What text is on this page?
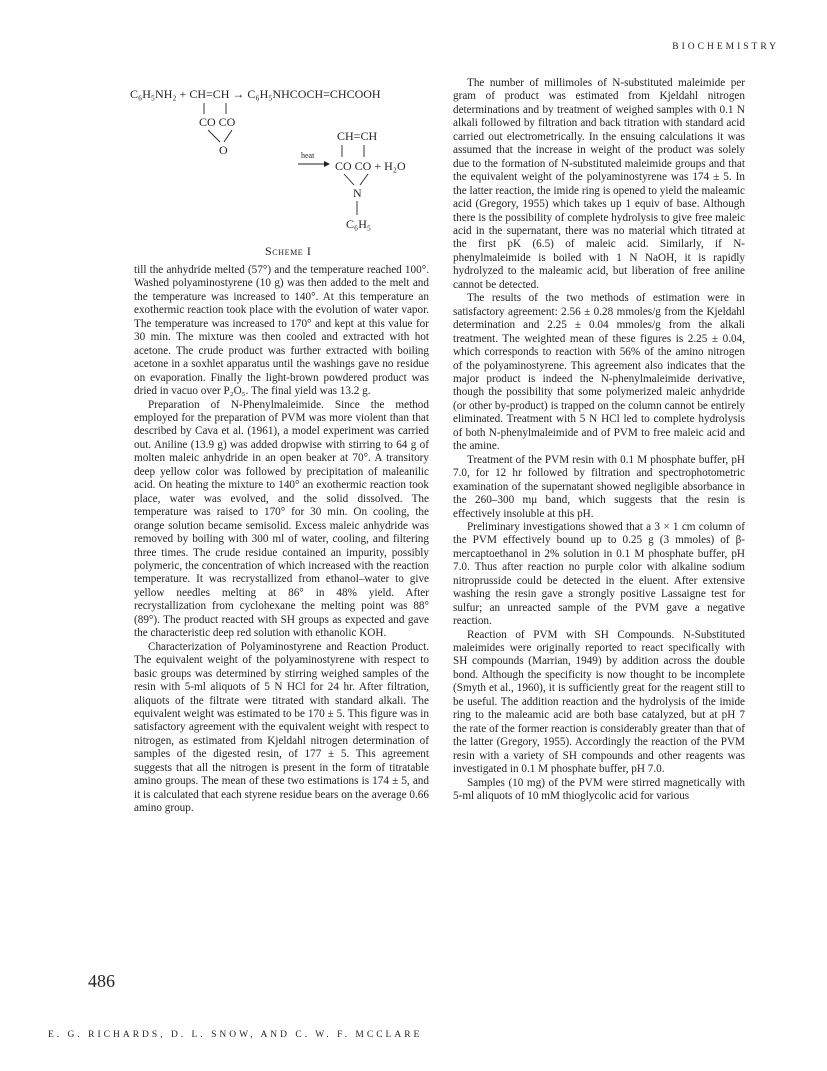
BIOCHEMISTRY
C₆H₅NH₂ + CH=CH → C₆H₅NHCOCH=CHCOOH
CO CO
O
CH=CH
heat
CO CO + H₂O
N
C₆H₅
Scheme I

till the anhydride melted (57°) and the temperature reached 100°. Washed polyaminostyrene (10 g) was then added to the melt and the temperature was increased to 140°. At this temperature an exothermic reaction took place with the evolution of water vapor. The temperature was increased to 170° and kept at this value for 30 min. The mixture was then cooled and extracted with hot acetone. The crude product was further extracted with boiling acetone in a soxhlet apparatus until the washings gave no residue on evaporation. Finally the light-brown powdered product was dried in vacuo over P₂O₅. The final yield was 13.2 g.

Preparation of N-Phenylmaleimide. Since the method employed for the preparation of PVM was more violent than that described by Cava et al. (1961), a model experiment was carried out. Aniline (13.9 g) was added dropwise with stirring to 64 g of molten maleic anhydride in an open beaker at 70°. A transitory deep yellow color was followed by precipitation of maleanilic acid. On heating the mixture to 140° an exothermic reaction took place, water was evolved, and the solid dissolved. The temperature was raised to 170° for 30 min. On cooling, the orange solution became semisolid. Excess maleic anhydride was removed by boiling with 300 ml of water, cooling, and filtering three times. The crude residue contained an impurity, possibly polymeric, the concentration of which increased with the reaction temperature. It was recrystallized from ethanol–water to give yellow needles melting at 86° in 48% yield. After recrystallization from cyclohexane the melting point was 88° (89°). The product reacted with SH groups as expected and gave the characteristic deep red solution with ethanolic KOH.

Characterization of Polyaminostyrene and Reaction Product. The equivalent weight of the polyaminostyrene with respect to basic groups was determined by stirring weighed samples of the resin with 5-ml aliquots of 5 N HCl for 24 hr. After filtration, aliquots of the filtrate were titrated with standard alkali. The equivalent weight was estimated to be 170 ± 5. This figure was in satisfactory agreement with the equivalent weight with respect to nitrogen, as estimated from Kjeldahl nitrogen determination of samples of the digested resin, of 177 ± 5. This agreement suggests that all the nitrogen is present in the form of titratable amino groups. The mean of these two estimations is 174 ± 5, and it is calculated that each styrene residue bears on the average 0.66 amino group.

The number of millimoles of N-substituted maleimide per gram of product was estimated from Kjeldahl nitrogen determinations and by treatment of weighed samples with 0.1 N alkali followed by filtration and back titration with standard acid carried out electrometrically. In the ensuing calculations it was assumed that the increase in weight of the product was solely due to the formation of N-substituted maleimide groups and that the equivalent weight of the polyaminostyrene was 174 ± 5. In the latter reaction, the imide ring is opened to yield the maleamic acid (Gregory, 1955) which takes up 1 equiv of base. Although there is the possibility of complete hydrolysis to give free maleic acid in the supernatant, there was no material which titrated at the first pK (6.5) of maleic acid. Similarly, if N-phenylmaleimide is boiled with 1 N NaOH, it is rapidly hydrolyzed to the maleamic acid, but liberation of free aniline cannot be detected.

The results of the two methods of estimation were in satisfactory agreement: 2.56 ± 0.28 mmoles/g from the Kjeldahl determination and 2.25 ± 0.04 mmoles/g from the alkali treatment. The weighted mean of these figures is 2.25 ± 0.04, which corresponds to reaction with 56% of the amino nitrogen of the polyaminostyrene. This agreement also indicates that the major product is indeed the N-phenylmaleimide derivative, though the possibility that some polymerized maleic anhydride (or other by-product) is trapped on the column cannot be entirely eliminated. Treatment with 5 N HCl led to complete hydrolysis of both N-phenylmaleimide and of PVM to free maleic acid and the amine.

Treatment of the PVM resin with 0.1 M phosphate buffer, pH 7.0, for 12 hr followed by filtration and spectrophotometric examination of the supernatant showed negligible absorbance in the 260–300 mμ band, which suggests that the resin is effectively insoluble at this pH.

Preliminary investigations showed that a 3 × 1 cm column of the PVM effectively bound up to 0.25 g (3 mmoles) of β-mercaptoethanol in 2% solution in 0.1 M phosphate buffer, pH 7.0. Thus after reaction no purple color with alkaline sodium nitroprusside could be detected in the eluent. After extensive washing the resin gave a strongly positive Lassaigne test for sulfur; an unreacted sample of the PVM gave a negative reaction.

Reaction of PVM with SH Compounds. N-Substituted maleimides were originally reported to react specifically with SH compounds (Marrian, 1949) by addition across the double bond. Although the specificity is now thought to be incomplete (Smyth et al., 1960), it is sufficiently great for the reagent still to be useful. The addition reaction and the hydrolysis of the imide ring to the maleamic acid are both base catalyzed, but at pH 7 the rate of the former reaction is considerably greater than that of the latter (Gregory, 1955). Accordingly the reaction of the PVM resin with a variety of SH compounds and other reagents was investigated in 0.1 M phosphate buffer, pH 7.0.

Samples (10 mg) of the PVM were stirred magnetically with 5-ml aliquots of 10 mM thioglycolic acid for various

486
E. G. RICHARDS, D. L. SNOW, AND C. W. F. MCCLARE
